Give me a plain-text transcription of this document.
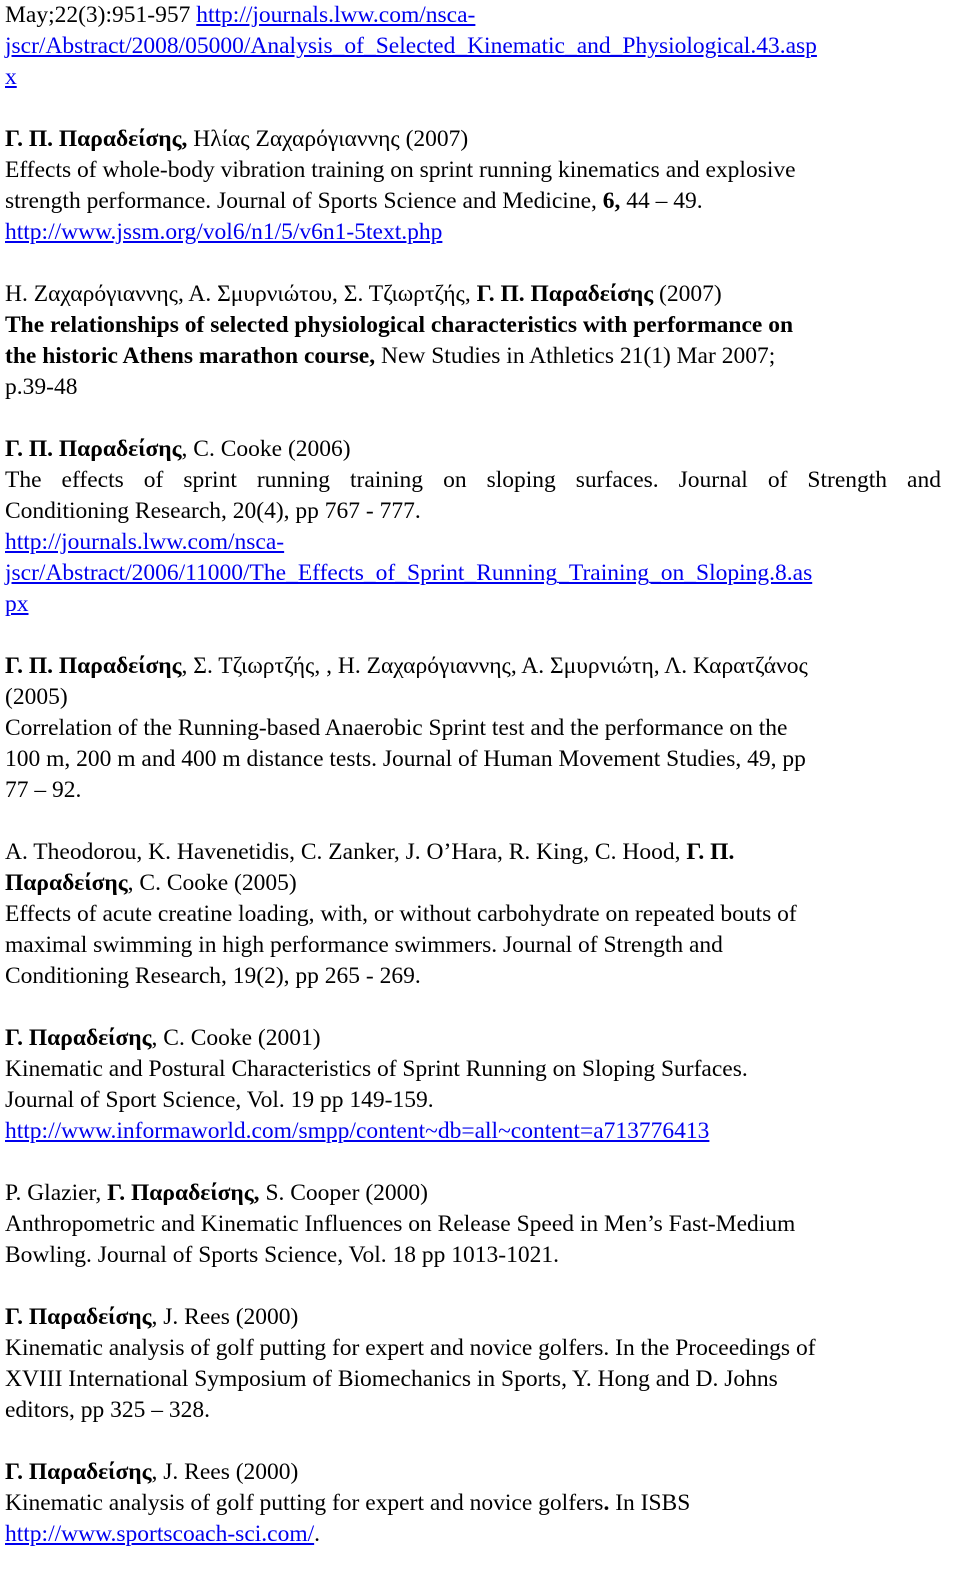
May;22(3):951-957 http://journals.lww.com/nsca-

jscr/Abstract/2008/05000/Analysis_of_Selected_Kinematic_and_Physiological.43.asp

x

Γ. Π. Παραδείσης, Ηλίας Ζαχαρόγιαννης (2007)

Effects of whole-body vibration training on sprint running kinematics and explosive

strength performance. Journal of Sports Science and Medicine, 6, 44 – 49.

http://www.jssm.org/vol6/n1/5/v6n1-5text.php

Η. Ζαχαρόγιαννης, Α. Σμυρνιώτου, Σ. Τζιωρτζής, Γ. Π. Παραδείσης (2007)

The relationships of selected physiological characteristics with performance on

the historic Athens marathon course, New Studies in Athletics 21(1) Mar 2007;

p.39-48

Γ. Π. Παραδείσης, C. Cooke (2006)

The effects of sprint running training on sloping surfaces. Journal of Strength and

Conditioning Research, 20(4), pp 767 - 777.

http://journals.lww.com/nsca-

jscr/Abstract/2006/11000/The_Effects_of_Sprint_Running_Training_on_Sloping.8.as

px

Γ. Π. Παραδείσης, Σ. Τζιωρτζής, , Η. Ζαχαρόγιαννης, Α. Σμυρνιώτη, Λ. Καρατζάνος

(2005)

Correlation of the Running-based Anaerobic Sprint test and the performance on the

100 m, 200 m and 400 m distance tests. Journal of Human Movement Studies, 49, pp

77 – 92.

A. Theodorou, K. Havenetidis, C. Zanker, J. O’Hara, R. King, C. Hood, Γ. Π.

Παραδείσης, C. Cooke (2005)

Effects of acute creatine loading, with, or without carbohydrate on repeated bouts of

maximal swimming in high performance swimmers. Journal of Strength and

Conditioning Research, 19(2), pp 265 - 269.

Γ. Παραδείσης, C. Cooke (2001)

Kinematic and Postural Characteristics of Sprint Running on Sloping Surfaces.

Journal of Sport Science, Vol. 19 pp 149-159.

http://www.informaworld.com/smpp/content~db=all~content=a713776413

P. Glazier, Γ. Παραδείσης, S. Cooper (2000)

Anthropometric and Kinematic Influences on Release Speed in Men’s Fast-Medium

Bowling. Journal of Sports Science, Vol. 18 pp 1013-1021.

Γ. Παραδείσης, J. Rees (2000)

Kinematic analysis of golf putting for expert and novice golfers. In the Proceedings of

XVIII International Symposium of Biomechanics in Sports, Y. Hong and D. Johns

editors, pp 325 – 328.

Γ. Παραδείσης, J. Rees (2000)

Kinematic analysis of golf putting for expert and novice golfers. In ISBS

http://www.sportscoach-sci.com/.
